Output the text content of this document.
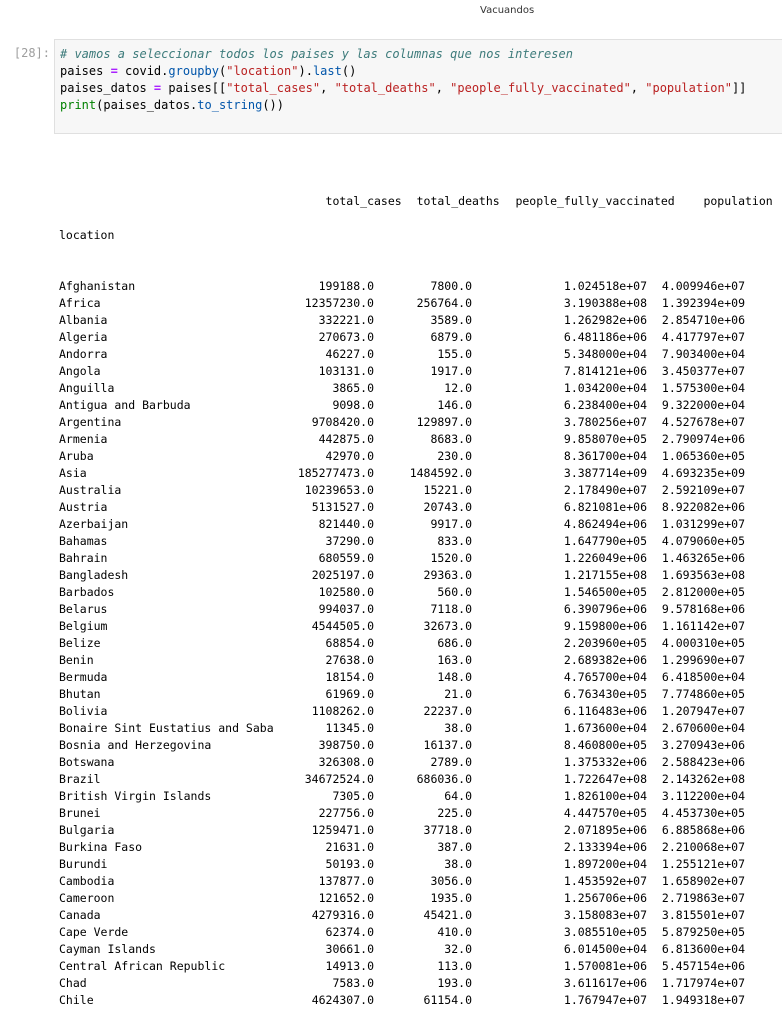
Vacuandos
[28]: # vamos a seleccionar todos los paises y las columnas que nos interesen
paises = covid.groupby("location").last()
paises_datos = paises[["total_cases", "total_deaths", "people_fully_vaccinated", "population"]]
print(paises_datos.to_string())

total_cases total_deaths people_fully_vaccinated	population

location

Afghanistan	199188.0	7800.0	1.024518e+07 4.009946e+07
Africa	12357230.0	256764.0	3.190388e+08 1.392394e+09
Albania	332221.0	3589.0	1.262982e+06 2.854710e+06
Algeria	270673.0	6879.0	6.481186e+06 4.417797e+07
Andorra	46227.0	155.0	5.348000e+04 7.903400e+04
Angola	103131.0	1917.0	7.814121e+06 3.450377e+07
Anguilla	3865.0	12.0	1.034200e+04 1.575300e+04
Antigua and Barbuda	9098.0	146.0	6.238400e+04 9.322000e+04
Argentina	9708420.0	129897.0	3.780256e+07 4.527678e+07
Armenia	442875.0	8683.0	9.858070e+05 2.790974e+06
Aruba	42970.0	230.0	8.361700e+04 1.065360e+05
Asia	185277473.0	1484592.0	3.387714e+09 4.693235e+09
Australia	10239653.0	15221.0	2.178490e+07 2.592109e+07
Austria	5131527.0	20743.0	6.821081e+06 8.922082e+06
Azerbaijan	821440.0	9917.0	4.862494e+06 1.031299e+07
Bahamas	37290.0	833.0	1.647790e+05 4.079060e+05
Bahrain	680559.0	1520.0	1.226049e+06 1.463265e+06
Bangladesh	2025197.0	29363.0	1.217155e+08 1.693563e+08
Barbados	102580.0	560.0	1.546500e+05 2.812000e+05
Belarus	994037.0	7118.0	6.390796e+06 9.578168e+06
Belgium	4544505.0	32673.0	9.159800e+06 1.161142e+07
Belize	68854.0	686.0	2.203960e+05 4.000310e+05
Benin	27638.0	163.0	2.689382e+06 1.299690e+07
Bermuda	18154.0	148.0	4.765700e+04 6.418500e+04
Bhutan	61969.0	21.0	6.763430e+05 7.774860e+05
Bolivia	1108262.0	22237.0	6.116483e+06 1.207947e+07
Bonaire Sint Eustatius and Saba	11345.0	38.0	1.673600e+04 2.670600e+04
Bosnia and Herzegovina	398750.0	16137.0	8.460800e+05 3.270943e+06
Botswana	326308.0	2789.0	1.375332e+06 2.588423e+06
Brazil	34672524.0	686036.0	1.722647e+08 2.143262e+08
British Virgin Islands	7305.0	64.0	1.826100e+04 3.112200e+04
Brunei	227756.0	225.0	4.447570e+05 4.453730e+05
Bulgaria	1259471.0	37718.0	2.071895e+06 6.885868e+06
Burkina Faso	21631.0	387.0	2.133394e+06 2.210068e+07
Burundi	50193.0	38.0	1.897200e+04 1.255121e+07
Cambodia	137877.0	3056.0	1.453592e+07 1.658902e+07
Cameroon	121652.0	1935.0	1.256706e+06 2.719863e+07
Canada	4279316.0	45421.0	3.158083e+07 3.815501e+07
Cape Verde	62374.0	410.0	3.085510e+05 5.879250e+05
Cayman Islands	30661.0	32.0	6.014500e+04 6.813600e+04
Central African Republic	14913.0	113.0	1.570081e+06 5.457154e+06
Chad	7583.0	193.0	3.611617e+06 1.717974e+07
Chile	4624307.0	61154.0	1.767947e+07 1.949318e+07
